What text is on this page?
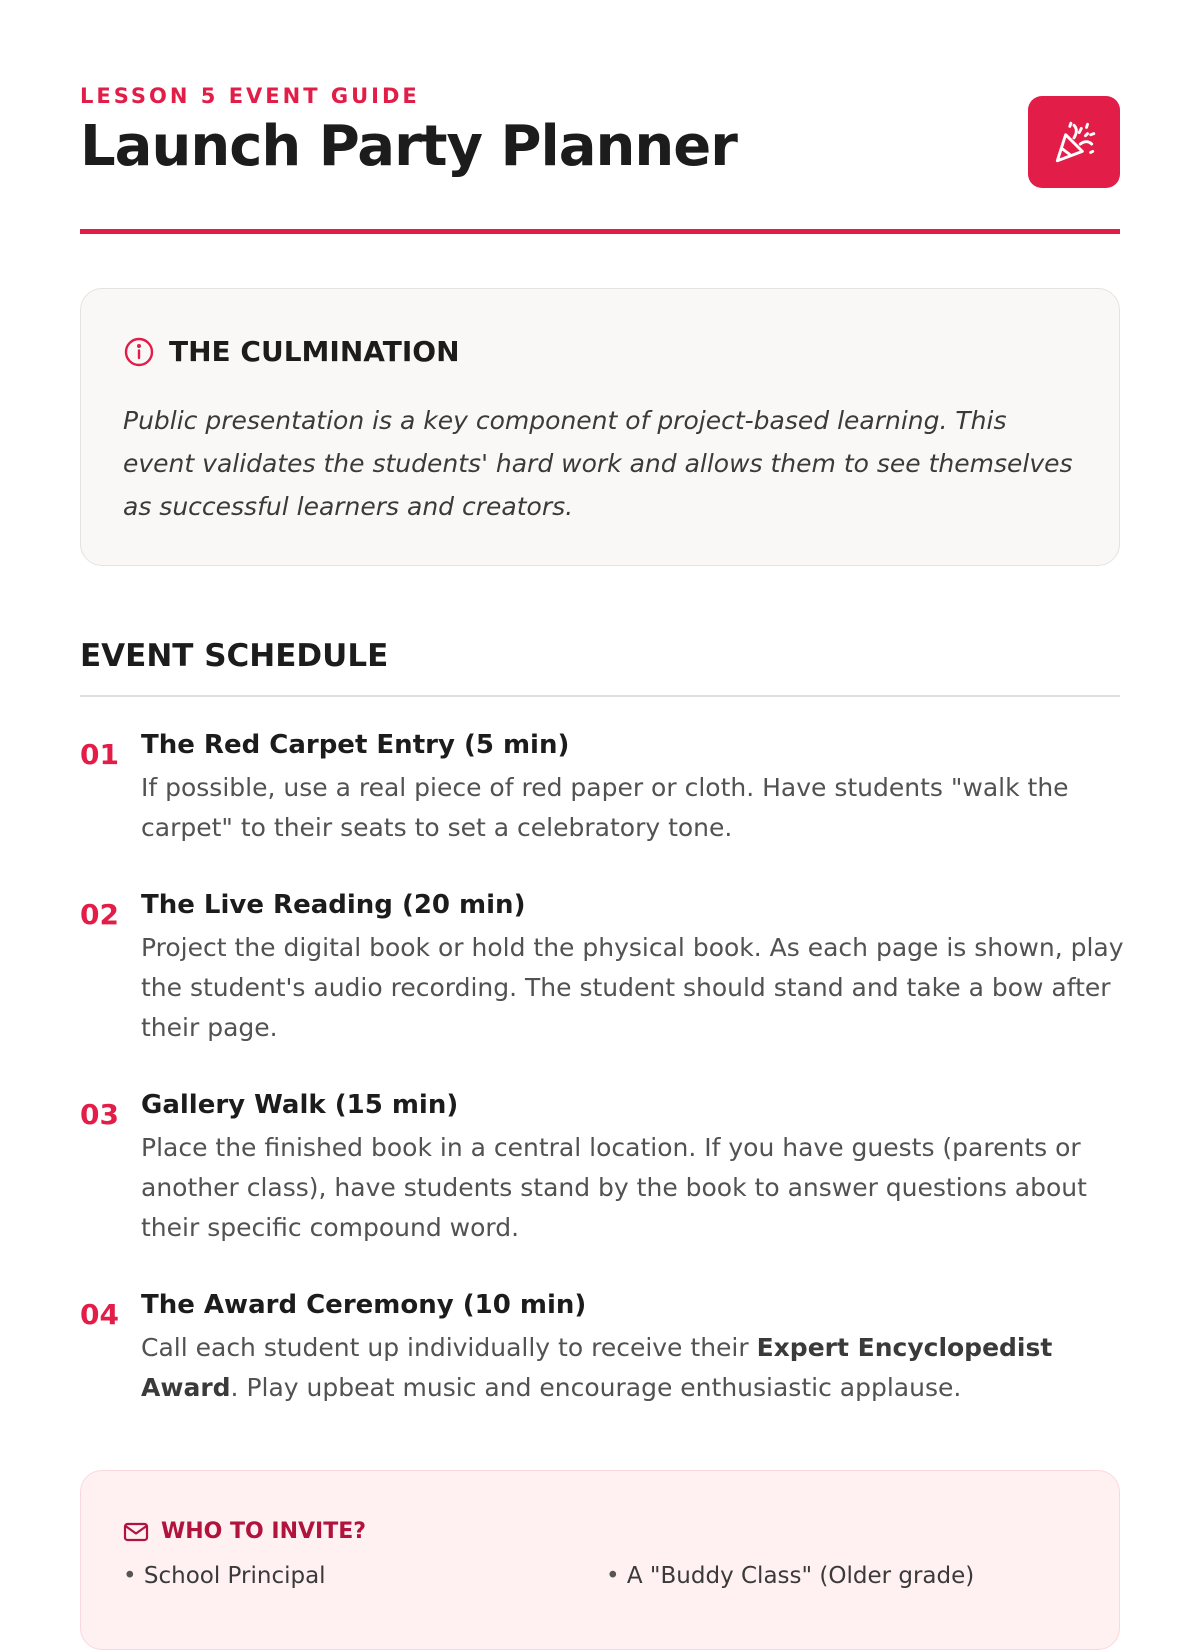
LESSON 5 EVENT GUIDE
Launch Party Planner
THE CULMINATION

Public presentation is a key component of project-based learning. This event validates the students' hard work and allows them to see themselves as successful learners and creators.

EVENT SCHEDULE
01 The Red Carpet Entry (5 min)

If possible, use a real piece of red paper or cloth. Have students "walk the carpet" to their seats to set a celebratory tone.

02 The Live Reading (20 min)

Project the digital book or hold the physical book. As each page is shown, play the student's audio recording. The student should stand and take a bow after their page.

03 Gallery Walk (15 min)

Place the finished book in a central location. If you have guests (parents or another class), have students stand by the book to answer questions about their specific compound word.

04 The Award Ceremony (10 min)

Call each student up individually to receive their Expert Encyclopedist Award. Play upbeat music and encourage enthusiastic applause.

WHO TO INVITE?
• School Principal	• A "Buddy Class" (Older grade)
